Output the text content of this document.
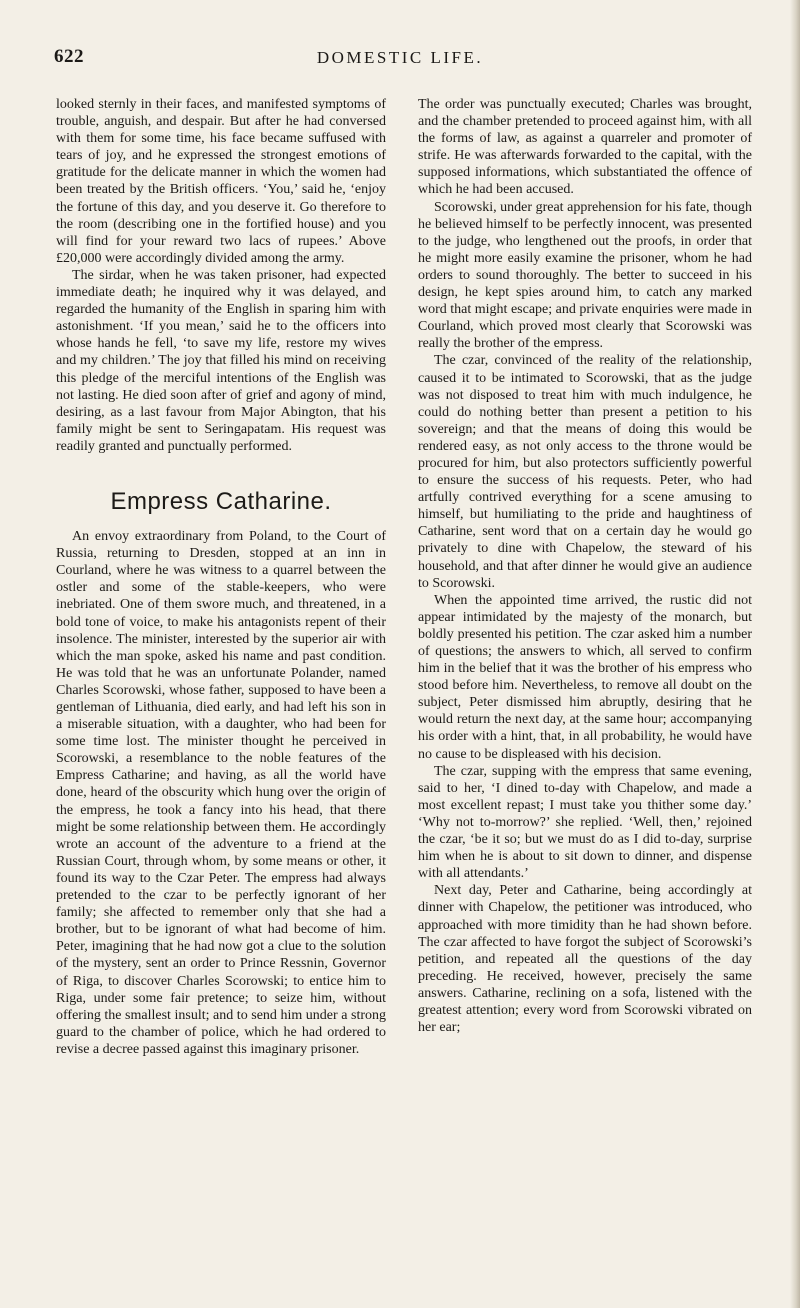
622	DOMESTIC LIFE.

looked sternly in their faces, and manifested symptoms of trouble, anguish, and despair. But after he had conversed with them for some time, his face became suffused with tears of joy, and he expressed the strongest emotions of gratitude for the delicate manner in which the women had been treated by the British officers. ‘You,’ said he, ‘enjoy the fortune of this day, and you deserve it. Go therefore to the room (describing one in the fortified house) and you will find for your reward two lacs of rupees.’ Above £20,000 were accordingly divided among the army.

The sirdar, when he was taken prisoner, had expected immediate death; he inquired why it was delayed, and regarded the humanity of the English in sparing him with astonishment. ‘If you mean,’ said he to the officers into whose hands he fell, ‘to save my life, restore my wives and my children.’ The joy that filled his mind on receiving this pledge of the merciful intentions of the English was not lasting. He died soon after of grief and agony of mind, desiring, as a last favour from Major Abington, that his family might be sent to Seringapatam. His request was readily granted and punctually performed.

Empress Catharine.

An envoy extraordinary from Poland, to the Court of Russia, returning to Dresden, stopped at an inn in Courland, where he was witness to a quarrel between the ostler and some of the stable-keepers, who were inebriated. One of them swore much, and threatened, in a bold tone of voice, to make his antagonists repent of their insolence. The minister, interested by the superior air with which the man spoke, asked his name and past condition. He was told that he was an unfortunate Polander, named Charles Scorowski, whose father, supposed to have been a gentleman of Lithuania, died early, and had left his son in a miserable situation, with a daughter, who had been for some time lost. The minister thought he perceived in Scorowski, a resemblance to the noble features of the Empress Catharine; and having, as all the world have done, heard of the obscurity which hung over the origin of the empress, he took a fancy into his head, that there might be some relationship between them. He accordingly wrote an account of the adventure to a friend at the Russian Court, through whom, by some means or other, it found its way to the Czar Peter. The empress had always pretended to the czar to be perfectly ignorant of her family; she affected to remember only that she had a brother, but to be ignorant of what had become of him. Peter, imagining that he had now got a clue to the solution of the mystery, sent an order to Prince Ressnin, Governor of Riga, to discover Charles Scorowski; to entice him to Riga, under some fair pretence; to seize him, without offering the smallest insult; and to send him under a strong guard to the chamber of police, which he had ordered to revise a decree passed against this imaginary prisoner.

The order was punctually executed; Charles was brought, and the chamber pretended to proceed against him, with all the forms of law, as against a quarreler and promoter of strife. He was afterwards forwarded to the capital, with the supposed informations, which substantiated the offence of which he had been accused.

Scorowski, under great apprehension for his fate, though he believed himself to be perfectly innocent, was presented to the judge, who lengthened out the proofs, in order that he might more easily examine the prisoner, whom he had orders to sound thoroughly. The better to succeed in his design, he kept spies around him, to catch any marked word that might escape; and private enquiries were made in Courland, which proved most clearly that Scorowski was really the brother of the empress.

The czar, convinced of the reality of the relationship, caused it to be intimated to Scorowski, that as the judge was not disposed to treat him with much indulgence, he could do nothing better than present a petition to his sovereign; and that the means of doing this would be rendered easy, as not only access to the throne would be procured for him, but also protectors sufficiently powerful to ensure the success of his requests. Peter, who had artfully contrived everything for a scene amusing to himself, but humiliating to the pride and haughtiness of Catharine, sent word that on a certain day he would go privately to dine with Chapelow, the steward of his household, and that after dinner he would give an audience to Scorowski.

When the appointed time arrived, the rustic did not appear intimidated by the majesty of the monarch, but boldly presented his petition. The czar asked him a number of questions; the answers to which, all served to confirm him in the belief that it was the brother of his empress who stood before him. Nevertheless, to remove all doubt on the subject, Peter dismissed him abruptly, desiring that he would return the next day, at the same hour; accompanying his order with a hint, that, in all probability, he would have no cause to be displeased with his decision.

The czar, supping with the empress that same evening, said to her, ‘I dined to-day with Chapelow, and made a most excellent repast; I must take you thither some day.’ ‘Why not to-morrow?’ she replied. ‘Well, then,’ rejoined the czar, ‘be it so; but we must do as I did to-day, surprise him when he is about to sit down to dinner, and dispense with all attendants.’

Next day, Peter and Catharine, being accordingly at dinner with Chapelow, the petitioner was introduced, who approached with more timidity than he had shown before. The czar affected to have forgot the subject of Scorowski’s petition, and repeated all the questions of the day preceding. He received, however, precisely the same answers. Catharine, reclining on a sofa, listened with the greatest attention; every word from Scorowski vibrated on her ear;
